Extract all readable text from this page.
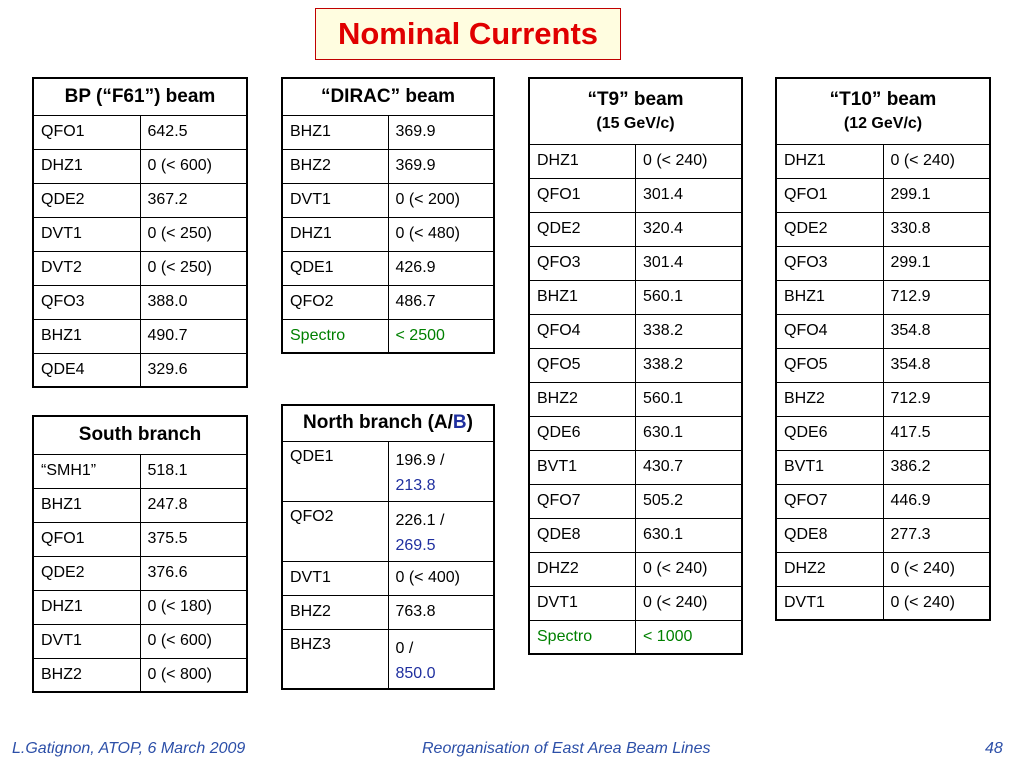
Nominal Currents
BP (“F61”) beam	
QFO1	642.5
DHZ1	0 (< 600)
QDE2	367.2
DVT1	0 (< 250)
DVT2	0 (< 250)
QFO3	388.0
BHZ1	490.7
QDE4	329.6
“DIRAC” beam	
BHZ1	369.9
BHZ2	369.9
DVT1	0 (< 200)
DHZ1	0 (< 480)
QDE1	426.9
QFO2	486.7
Spectro	< 2500
“T9” beam
(15 GeV/c)	

DHZ1	0 (< 240)
QFO1	301.4
QDE2	320.4
QFO3	301.4
BHZ1	560.1
QFO4	338.2
QFO5	338.2
BHZ2	560.1
QDE6	630.1
BVT1	430.7
QFO7	505.2
QDE8	630.1
DHZ2	0 (< 240)
DVT1	0 (< 240)
Spectro	< 1000
“T10” beam
(12 GeV/c)	

DHZ1	0 (< 240)
QFO1	299.1
QDE2	330.8
QFO3	299.1
BHZ1	712.9
QFO4	354.8
QFO5	354.8
BHZ2	712.9
QDE6	417.5
BVT1	386.2
QFO7	446.9
QDE8	277.3
DHZ2	0 (< 240)
DVT1	0 (< 240)
South branch	
“SMH1”	518.1
BHZ1	247.8
QFO1	375.5
QDE2	376.6
DHZ1	0 (< 180)
DVT1	0 (< 600)
BHZ2	0 (< 800)
North branch (A/B)	
QDE1	196.9 /
213.8

QFO2	226.1 /
269.5

DVT1	0 (< 400)
BHZ2	763.8
BHZ3	0 /
850.0
L.Gatignon, ATOP, 6 March 2009	Reorganisation of East Area Beam Lines	48
